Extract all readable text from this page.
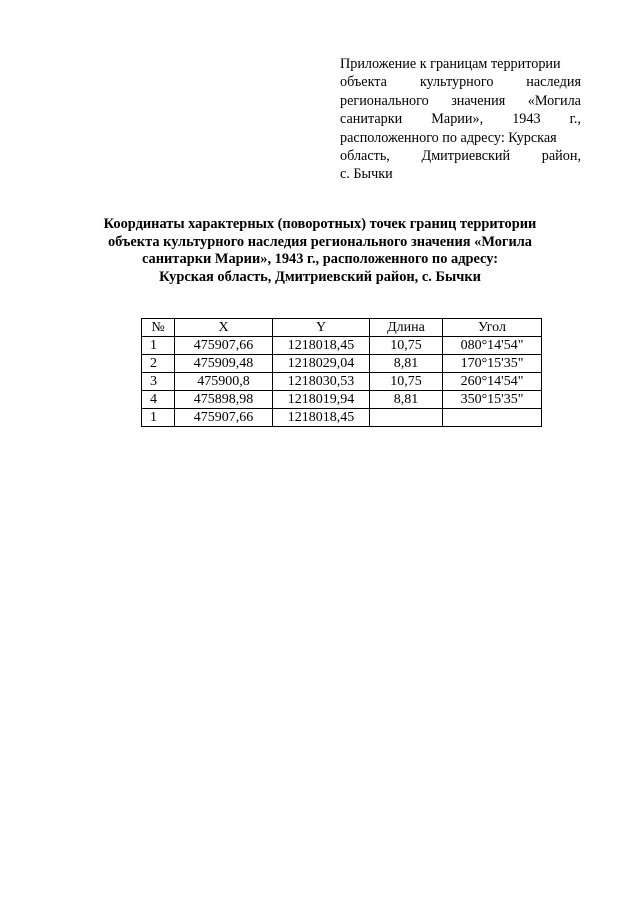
Приложение к границам территории
объекта культурного наследия
регионального значения «Могила
санитарки Марии», 1943 г.,
расположенного по адресу: Курская
область, Дмитриевский район,
с. Бычки
Координаты характерных (поворотных) точек границ территории
объекта культурного наследия регионального значения «Могила
санитарки Марии», 1943 г., расположенного по адресу:
Курская область, Дмитриевский район, с. Бычки
№	X	Y	Длина	Угол
1	475907,66	1218018,45	10,75	080°14'54"
2	475909,48	1218029,04	8,81	170°15'35"
3	475900,8	1218030,53	10,75	260°14'54"
4	475898,98	1218019,94	8,81	350°15'35"
1	475907,66	1218018,45		
